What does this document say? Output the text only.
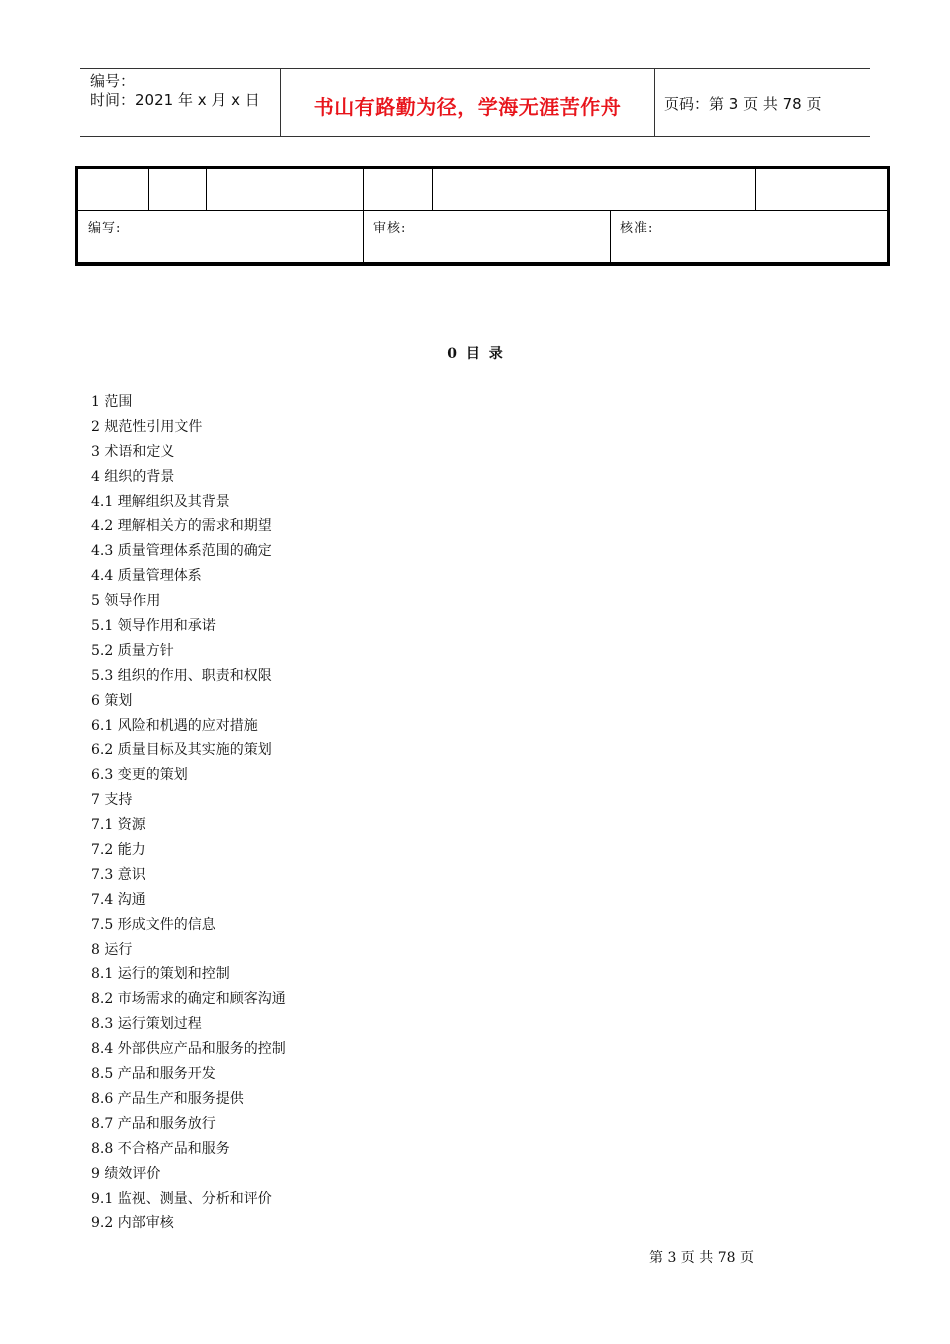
编号：
时间：2021 年 x 月 x 日	书山有路勤为径，学海无涯苦作舟	页码：第 3 页 共 78 页
编写:	审核:	核准:
0 目 录
1 范围
2 规范性引用文件
3 术语和定义
4 组织的背景
4.1 理解组织及其背景
4.2 理解相关方的需求和期望
4.3 质量管理体系范围的确定
4.4 质量管理体系
5 领导作用
5.1 领导作用和承诺
5.2 质量方针
5.3 组织的作用、职责和权限
6 策划
6.1 风险和机遇的应对措施
6.2 质量目标及其实施的策划
6.3 变更的策划
7 支持
7.1 资源
7.2 能力
7.3 意识
7.4 沟通
7.5 形成文件的信息
8 运行
8.1 运行的策划和控制
8.2 市场需求的确定和顾客沟通
8.3 运行策划过程
8.4 外部供应产品和服务的控制
8.5 产品和服务开发
8.6 产品生产和服务提供
8.7 产品和服务放行
8.8 不合格产品和服务
9 绩效评价
9.1 监视、测量、分析和评价
9.2 内部审核
第 3 页 共 78 页
